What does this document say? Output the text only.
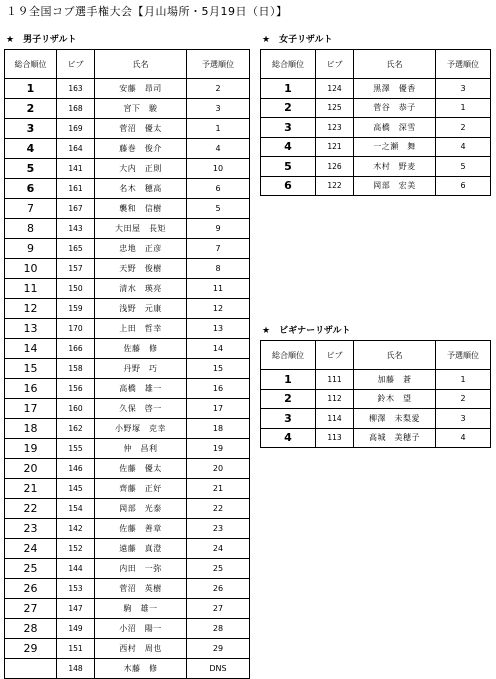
１９全国コブ選手権大会【月山場所・5月19日（日）】
★　男子リザルト
総合順位	ビブ	氏名	予選順位
1	163	安藤　昂司	2
2	168	宮下　駿	3
3	169	菅沼　優太	1
4	164	藤巻　俊介	4
5	141	大内　正則	10
6	161	名木　穂高	6
7	167	襲和　信樹	5
8	143	大田屋　長矩	9
9	165	忠地　正彦	7
10	157	天野　俊樹	8
11	150	清水　瑛亮	11
12	159	浅野　元康	12
13	170	上田　哲幸	13
14	166	佐藤　修	14
15	158	丹野　巧	15
16	156	高橋　雄一	16
17	160	久保　啓一	17
18	162	小野塚　克幸	18
19	155	仲　昌利	19
20	146	佐藤　優太	20
21	145	齊藤　正好	21
22	154	岡部　光泰	22
23	142	佐藤　善章	23
24	152	遠藤　真澄	24
25	144	内田　一弥	25
26	153	菅沼　英樹	26
27	147	駒　雄一	27
28	149	小沼　陽一	28
29	151	西村　周也	29
	148	木藤　修	DNS
★　女子リザルト
総合順位	ビブ	氏名	予選順位
1	124	黒澤　優香	3
2	125	菅谷　恭子	1
3	123	高橋　深雪	2
4	121	一之瀬　舞	4
5	126	木村　野麦	5
6	122	岡部　宏美	6
★　ビギナーリザルト
総合順位	ビブ	氏名	予選順位
1	111	加藤　蒼	1
2	112	鈴木　望	2
3	114	柳澤　未梨愛	3
4	113	高城　美穂子	4
